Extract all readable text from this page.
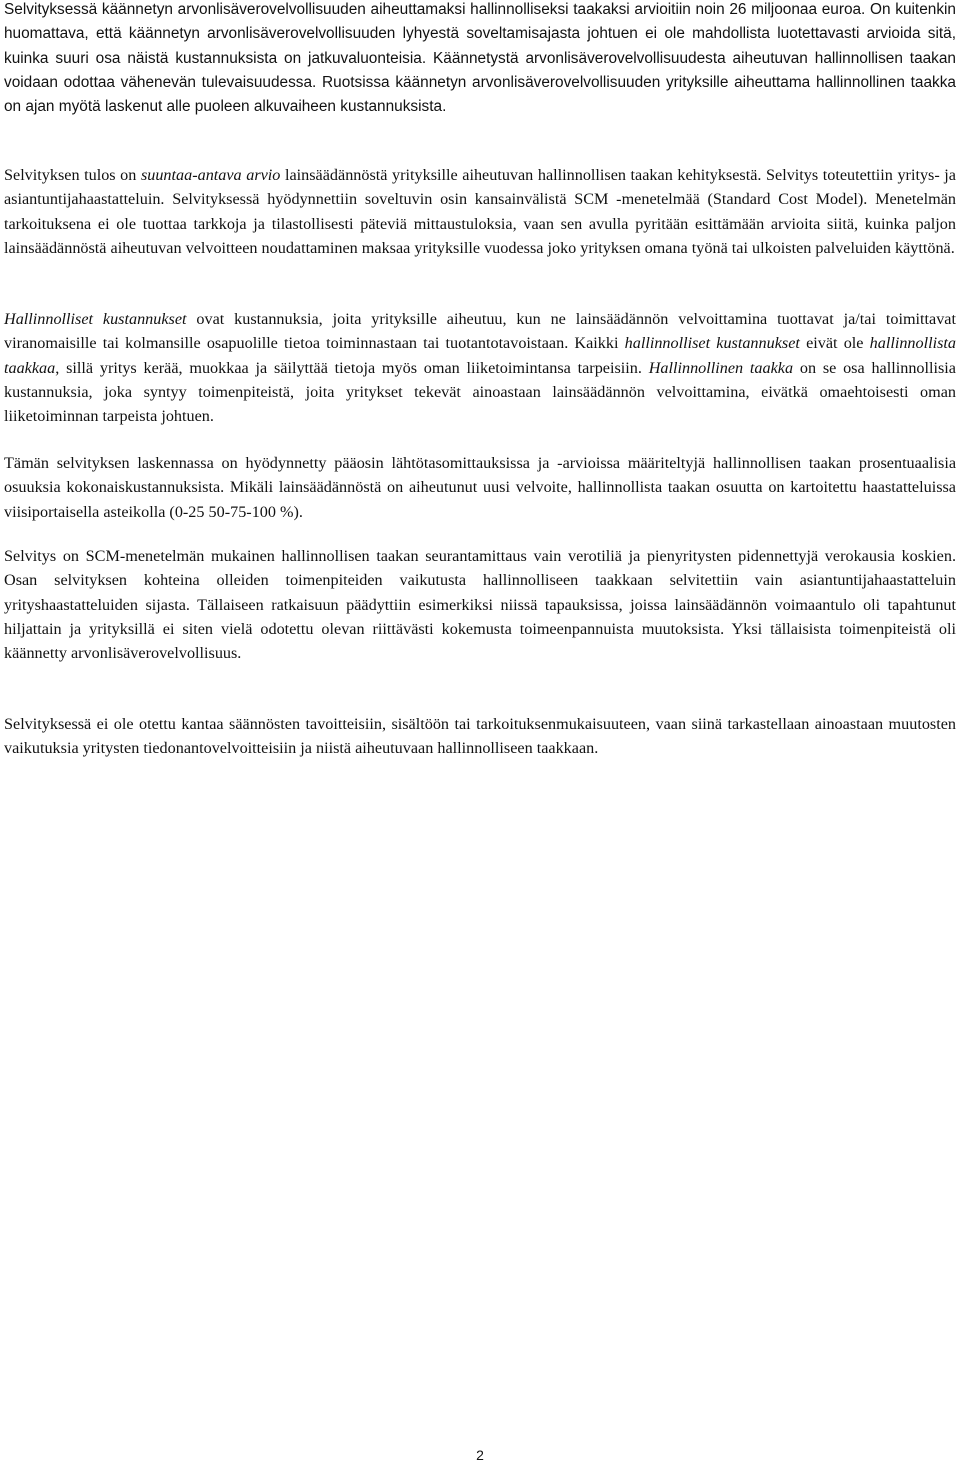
Selvityksessä käännetyn arvonlisäverovelvollisuuden aiheuttamaksi hallinnolliseksi taakaksi arvioitiin noin 26 miljoonaa euroa. On kuitenkin huomattava, että käännetyn arvonlisäverovelvollisuuden lyhyestä soveltamisajasta johtuen ei ole mahdollista luotettavasti arvioida sitä, kuinka suuri osa näistä kustannuksista on jatkuvaluonteisia. Käännetystä arvonlisäverovelvollisuudesta aiheutuvan hallinnollisen taakan voidaan odottaa vähenevän tulevaisuudessa. Ruotsissa käännetyn arvonlisäverovelvollisuuden yrityksille aiheuttama hallinnollinen taakka on ajan myötä laskenut alle puoleen alkuvaiheen kustannuksista.

Selvityksen tulos on suuntaa-antava arvio lainsäädännöstä yrityksille aiheutuvan hallinnollisen taakan kehityksestä. Selvitys toteutettiin yritys- ja asiantuntijahaastatteluin. Selvityksessä hyödynnettiin soveltuvin osin kansainvälistä SCM -menetelmää (Standard Cost Model). Menetelmän tarkoituksena ei ole tuottaa tarkkoja ja tilastollisesti päteviä mittaustuloksia, vaan sen avulla pyritään esittämään arvioita siitä, kuinka paljon lainsäädännöstä aiheutuvan velvoitteen noudattaminen maksaa yrityksille vuodessa joko yrityksen omana työnä tai ulkoisten palveluiden käyttönä.

Hallinnolliset kustannukset ovat kustannuksia, joita yrityksille aiheutuu, kun ne lainsäädännön velvoittamina tuottavat ja/tai toimittavat viranomaisille tai kolmansille osapuolille tietoa toiminnastaan tai tuotantotavoistaan. Kaikki hallinnolliset kustannukset eivät ole hallinnollista taakkaa, sillä yritys kerää, muokkaa ja säilyttää tietoja myös oman liiketoimintansa tarpeisiin. Hallinnollinen taakka on se osa hallinnollisia kustannuksia, joka syntyy toimenpiteistä, joita yritykset tekevät ainoastaan lainsäädännön velvoittamina, eivätkä omaehtoisesti oman liiketoiminnan tarpeista johtuen.

Tämän selvityksen laskennassa on hyödynnetty pääosin lähtötasomittauksissa ja -arvioissa määriteltyjä hallinnollisen taakan prosentuaalisia osuuksia kokonaiskustannuksista. Mikäli lainsäädännöstä on aiheutunut uusi velvoite, hallinnollista taakan osuutta on kartoitettu haastatteluissa viisiportaisella asteikolla (0-25 50-75-100 %).

Selvitys on SCM-menetelmän mukainen hallinnollisen taakan seurantamittaus vain verotiliä ja pienyritysten pidennettyjä verokausia koskien. Osan selvityksen kohteina olleiden toimenpiteiden vaikutusta hallinnolliseen taakkaan selvitettiin vain asiantuntijahaastatteluin yrityshaastatteluiden sijasta. Tällaiseen ratkaisuun päädyttiin esimerkiksi niissä tapauksissa, joissa lainsäädännön voimaantulo oli tapahtunut hiljattain ja yrityksillä ei siten vielä odotettu olevan riittävästi kokemusta toimeenpannuista muutoksista. Yksi tällaisista toimenpiteistä oli käännetty arvonlisäverovelvollisuus.

Selvityksessä ei ole otettu kantaa säännösten tavoitteisiin, sisältöön tai tarkoituksenmukaisuuteen, vaan siinä tarkastellaan ainoastaan muutosten vaikutuksia yritysten tiedonantovelvoitteisiin ja niistä aiheutuvaan hallinnolliseen taakkaan.

2
